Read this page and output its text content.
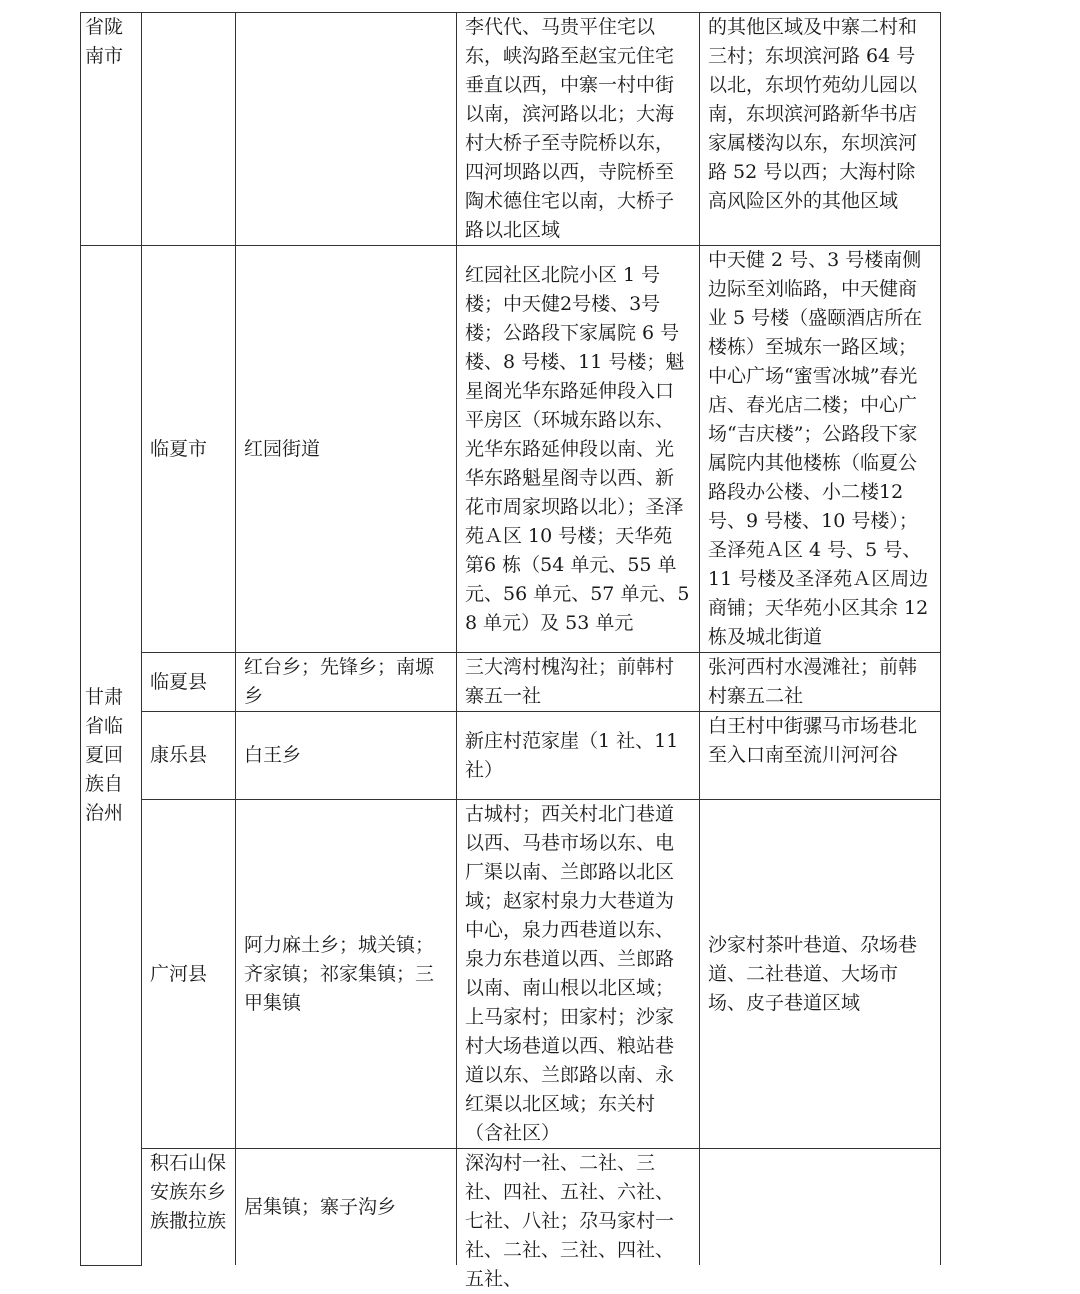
省陇南市			李代代、马贵平住宅以东，峡沟路至赵宝元住宅垂直以西，中寨一村中街以南，滨河路以北；大海村大桥子至寺院桥以东，四河坝路以西，寺院桥至陶术德住宅以南，大桥子路以北区域	的其他区域及中寨二村和三村；东坝滨河路 64 号以北，东坝竹苑幼儿园以南，东坝滨河路新华书店家属楼沟以东，东坝滨河路 52 号以西；大海村除高风险区外的其他区域
甘肃省临夏回族自治州	临夏市	红园街道	红园社区北院小区 1 号楼；中天健2号楼、3号楼；公路段下家属院 6 号楼、8 号楼、11 号楼；魁星阁光华东路延伸段入口平房区（环城东路以东、光华东路延伸段以南、光华东路魁星阁寺以西、新花市周家坝路以北）；圣泽苑Ａ区 10 号楼；天华苑第6 栋（54 单元、55 单元、56 单元、57 单元、58 单元）及 53 单元	中天健 2 号、3 号楼南侧边际至刘临路，中天健商业 5 号楼（盛颐酒店所在楼栋）至城东一路区域；中心广场“蜜雪冰城”春光店、春光店二楼；中心广场“吉庆楼”；公路段下家属院内其他楼栋（临夏公路段办公楼、小二楼12 号、9 号楼、10 号楼）；圣泽苑Ａ区 4 号、5 号、11 号楼及圣泽苑Ａ区周边商铺；天华苑小区其余 12 栋及城北街道
	临夏县	红台乡；先锋乡；南塬乡	三大湾村槐沟社；前韩村寨五一社	张河西村水漫滩社；前韩村寨五二社
	康乐县	白王乡	新庄村范家崖（1 社、11社）	白王村中街骡马市场巷北至入口南至流川河河谷
	广河县	阿力麻土乡；城关镇；齐家镇；祁家集镇；三甲集镇	古城村；西关村北门巷道以西、马巷市场以东、电厂渠以南、兰郎路以北区域；赵家村泉力大巷道为中心，泉力西巷道以东、泉力东巷道以西、兰郎路以南、南山根以北区域；上马家村；田家村；沙家村大场巷道以西、粮站巷道以东、兰郎路以南、永红渠以北区域；东关村（含社区）	沙家村茶叶巷道、尕场巷道、二社巷道、大场市场、皮子巷道区域

	积石山保安族东乡族撒拉族	居集镇；寨子沟乡	深沟村一社、二社、三社、四社、五社、六社、七社、八社；尕马家村一社、二社、三社、四社、五社、	
